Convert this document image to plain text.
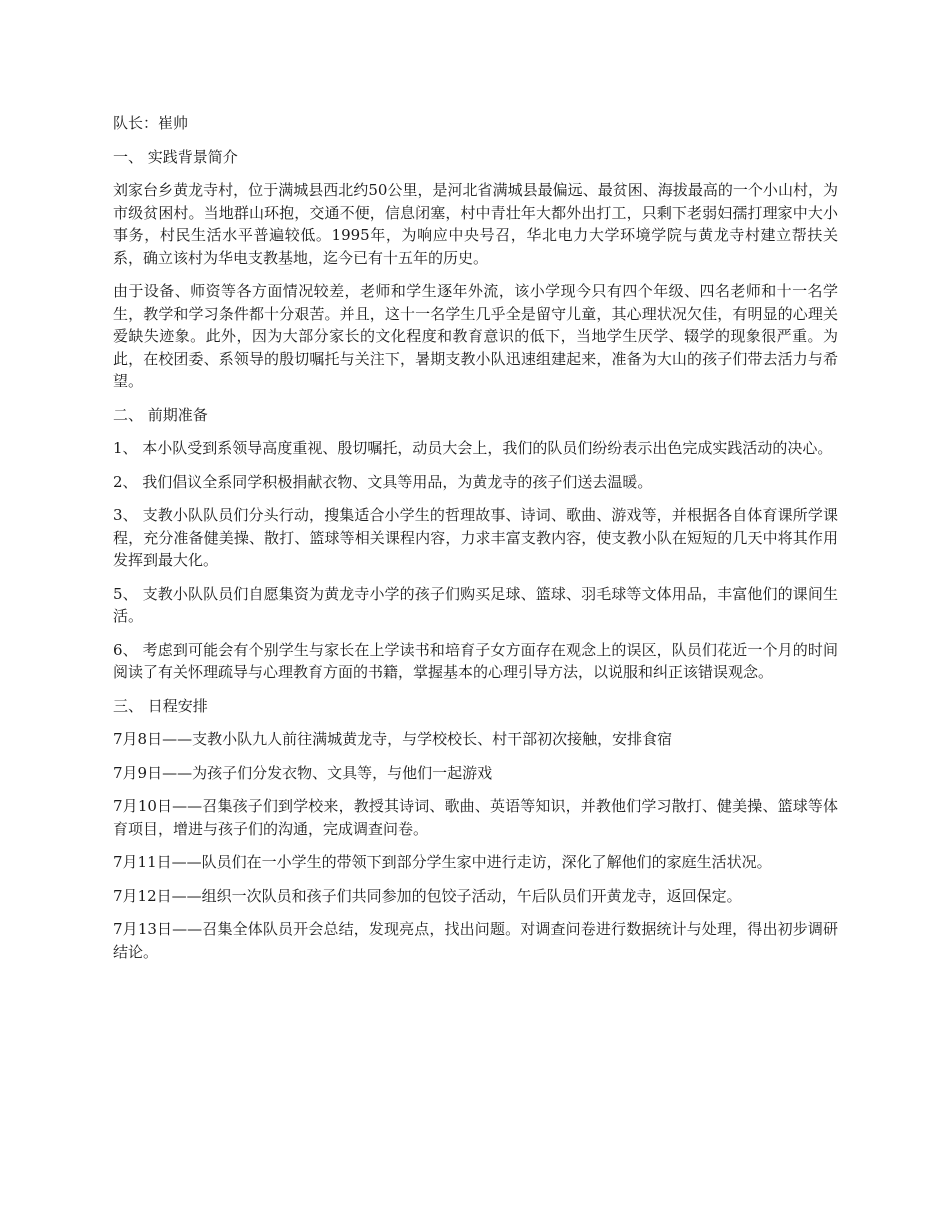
队长：崔帅

一、 实践背景简介

刘家台乡黄龙寺村，位于满城县西北约50公里，是河北省满城县最偏远、最贫困、海拔最高的一个小山村，为市级贫困村。当地群山环抱，交通不便，信息闭塞，村中青壮年大都外出打工，只剩下老弱妇孺打理家中大小事务，村民生活水平普遍较低。1995年，为响应中央号召，华北电力大学环境学院与黄龙寺村建立帮扶关系，确立该村为华电支教基地，迄今已有十五年的历史。

由于设备、师资等各方面情况较差，老师和学生逐年外流，该小学现今只有四个年级、四名老师和十一名学生，教学和学习条件都十分艰苦。并且，这十一名学生几乎全是留守儿童，其心理状况欠佳，有明显的心理关爱缺失迹象。此外，因为大部分家长的文化程度和教育意识的低下，当地学生厌学、辍学的现象很严重。为此，在校团委、系领导的殷切嘱托与关注下，暑期支教小队迅速组建起来，准备为大山的孩子们带去活力与希望。

二、 前期准备

1、 本小队受到系领导高度重视、殷切嘱托，动员大会上，我们的队员们纷纷表示出色完成实践活动的决心。

2、 我们倡议全系同学积极捐献衣物、文具等用品，为黄龙寺的孩子们送去温暖。

3、 支教小队队员们分头行动，搜集适合小学生的哲理故事、诗词、歌曲、游戏等，并根据各自体育课所学课程，充分准备健美操、散打、篮球等相关课程内容，力求丰富支教内容，使支教小队在短短的几天中将其作用发挥到最大化。

5、 支教小队队员们自愿集资为黄龙寺小学的孩子们购买足球、篮球、羽毛球等文体用品，丰富他们的课间生活。

6、 考虑到可能会有个别学生与家长在上学读书和培育子女方面存在观念上的误区，队员们花近一个月的时间阅读了有关怀理疏导与心理教育方面的书籍，掌握基本的心理引导方法，以说服和纠正该错误观念。

三、 日程安排

7月8日——支教小队九人前往满城黄龙寺，与学校校长、村干部初次接触，安排食宿

7月9日——为孩子们分发衣物、文具等，与他们一起游戏

7月10日——召集孩子们到学校来，教授其诗词、歌曲、英语等知识，并教他们学习散打、健美操、篮球等体育项目，增进与孩子们的沟通，完成调查问卷。

7月11日——队员们在一小学生的带领下到部分学生家中进行走访，深化了解他们的家庭生活状况。

7月12日——组织一次队员和孩子们共同参加的包饺子活动，午后队员们开黄龙寺，返回保定。

7月13日——召集全体队员开会总结，发现亮点，找出问题。对调查问卷进行数据统计与处理，得出初步调研结论。
